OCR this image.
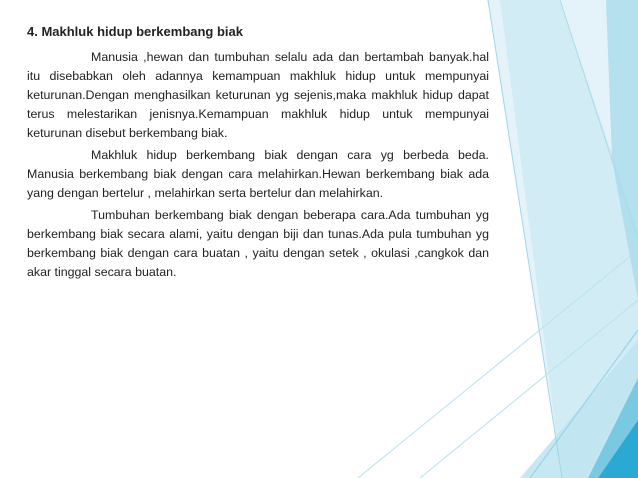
4. Makhluk hidup berkembang biak

Manusia ,hewan dan tumbuhan selalu ada dan bertambah banyak.hal itu disebabkan oleh adannya kemampuan makhluk hidup untuk mempunyai keturunan.Dengan menghasilkan keturunan yg sejenis,maka makhluk hidup dapat terus melestarikan jenisnya.Kemampuan makhluk hidup untuk mempunyai keturunan disebut berkembang biak.

Makhluk hidup berkembang biak dengan cara yg berbeda beda. Manusia berkembang biak dengan cara melahirkan.Hewan berkembang biak ada yang dengan bertelur , melahirkan serta bertelur dan melahirkan.

Tumbuhan berkembang biak dengan beberapa cara.Ada tumbuhan yg berkembang biak secara alami, yaitu dengan biji dan tunas.Ada pula tumbuhan yg berkembang biak dengan cara buatan , yaitu dengan setek , okulasi ,cangkok dan akar tinggal secara buatan.
